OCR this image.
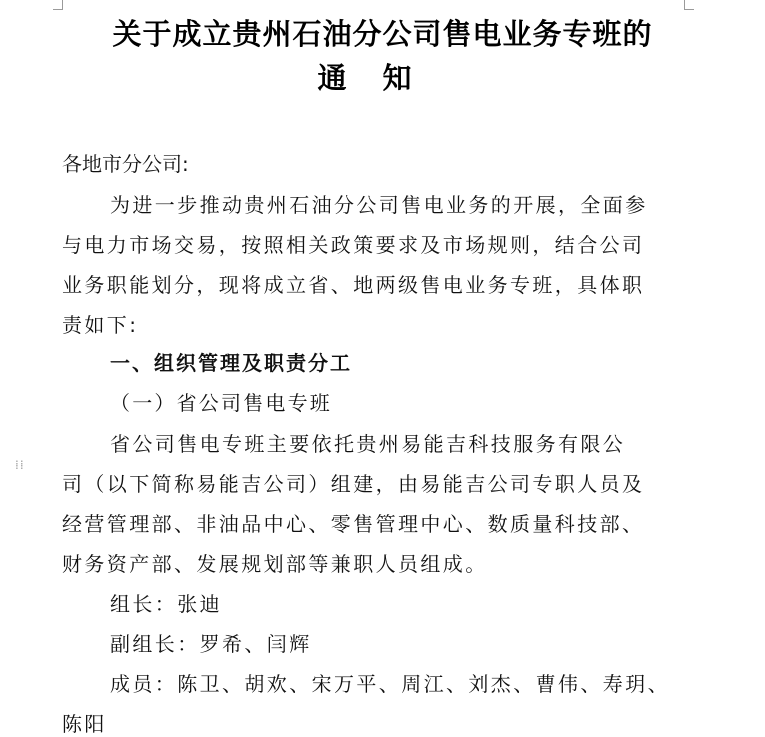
关于成立贵州石油分公司售电业务专班的
通知
各地市分公司:
为进一步推动贵州石油分公司售电业务的开展，全面参
与电力市场交易，按照相关政策要求及市场规则，结合公司
业务职能划分，现将成立省、地两级售电业务专班，具体职
责如下:
一、组织管理及职责分工
（一）省公司售电专班
省公司售电专班主要依托贵州易能吉科技服务有限公
司（以下简称易能吉公司）组建，由易能吉公司专职人员及
经营管理部、非油品中心、零售管理中心、数质量科技部、
财务资产部、发展规划部等兼职人员组成。
组长：张迪
副组长：罗希、闫辉
成员：陈卫、胡欢、宋万平、周江、刘杰、曹伟、寿玥、
陈阳
⁞⁞
